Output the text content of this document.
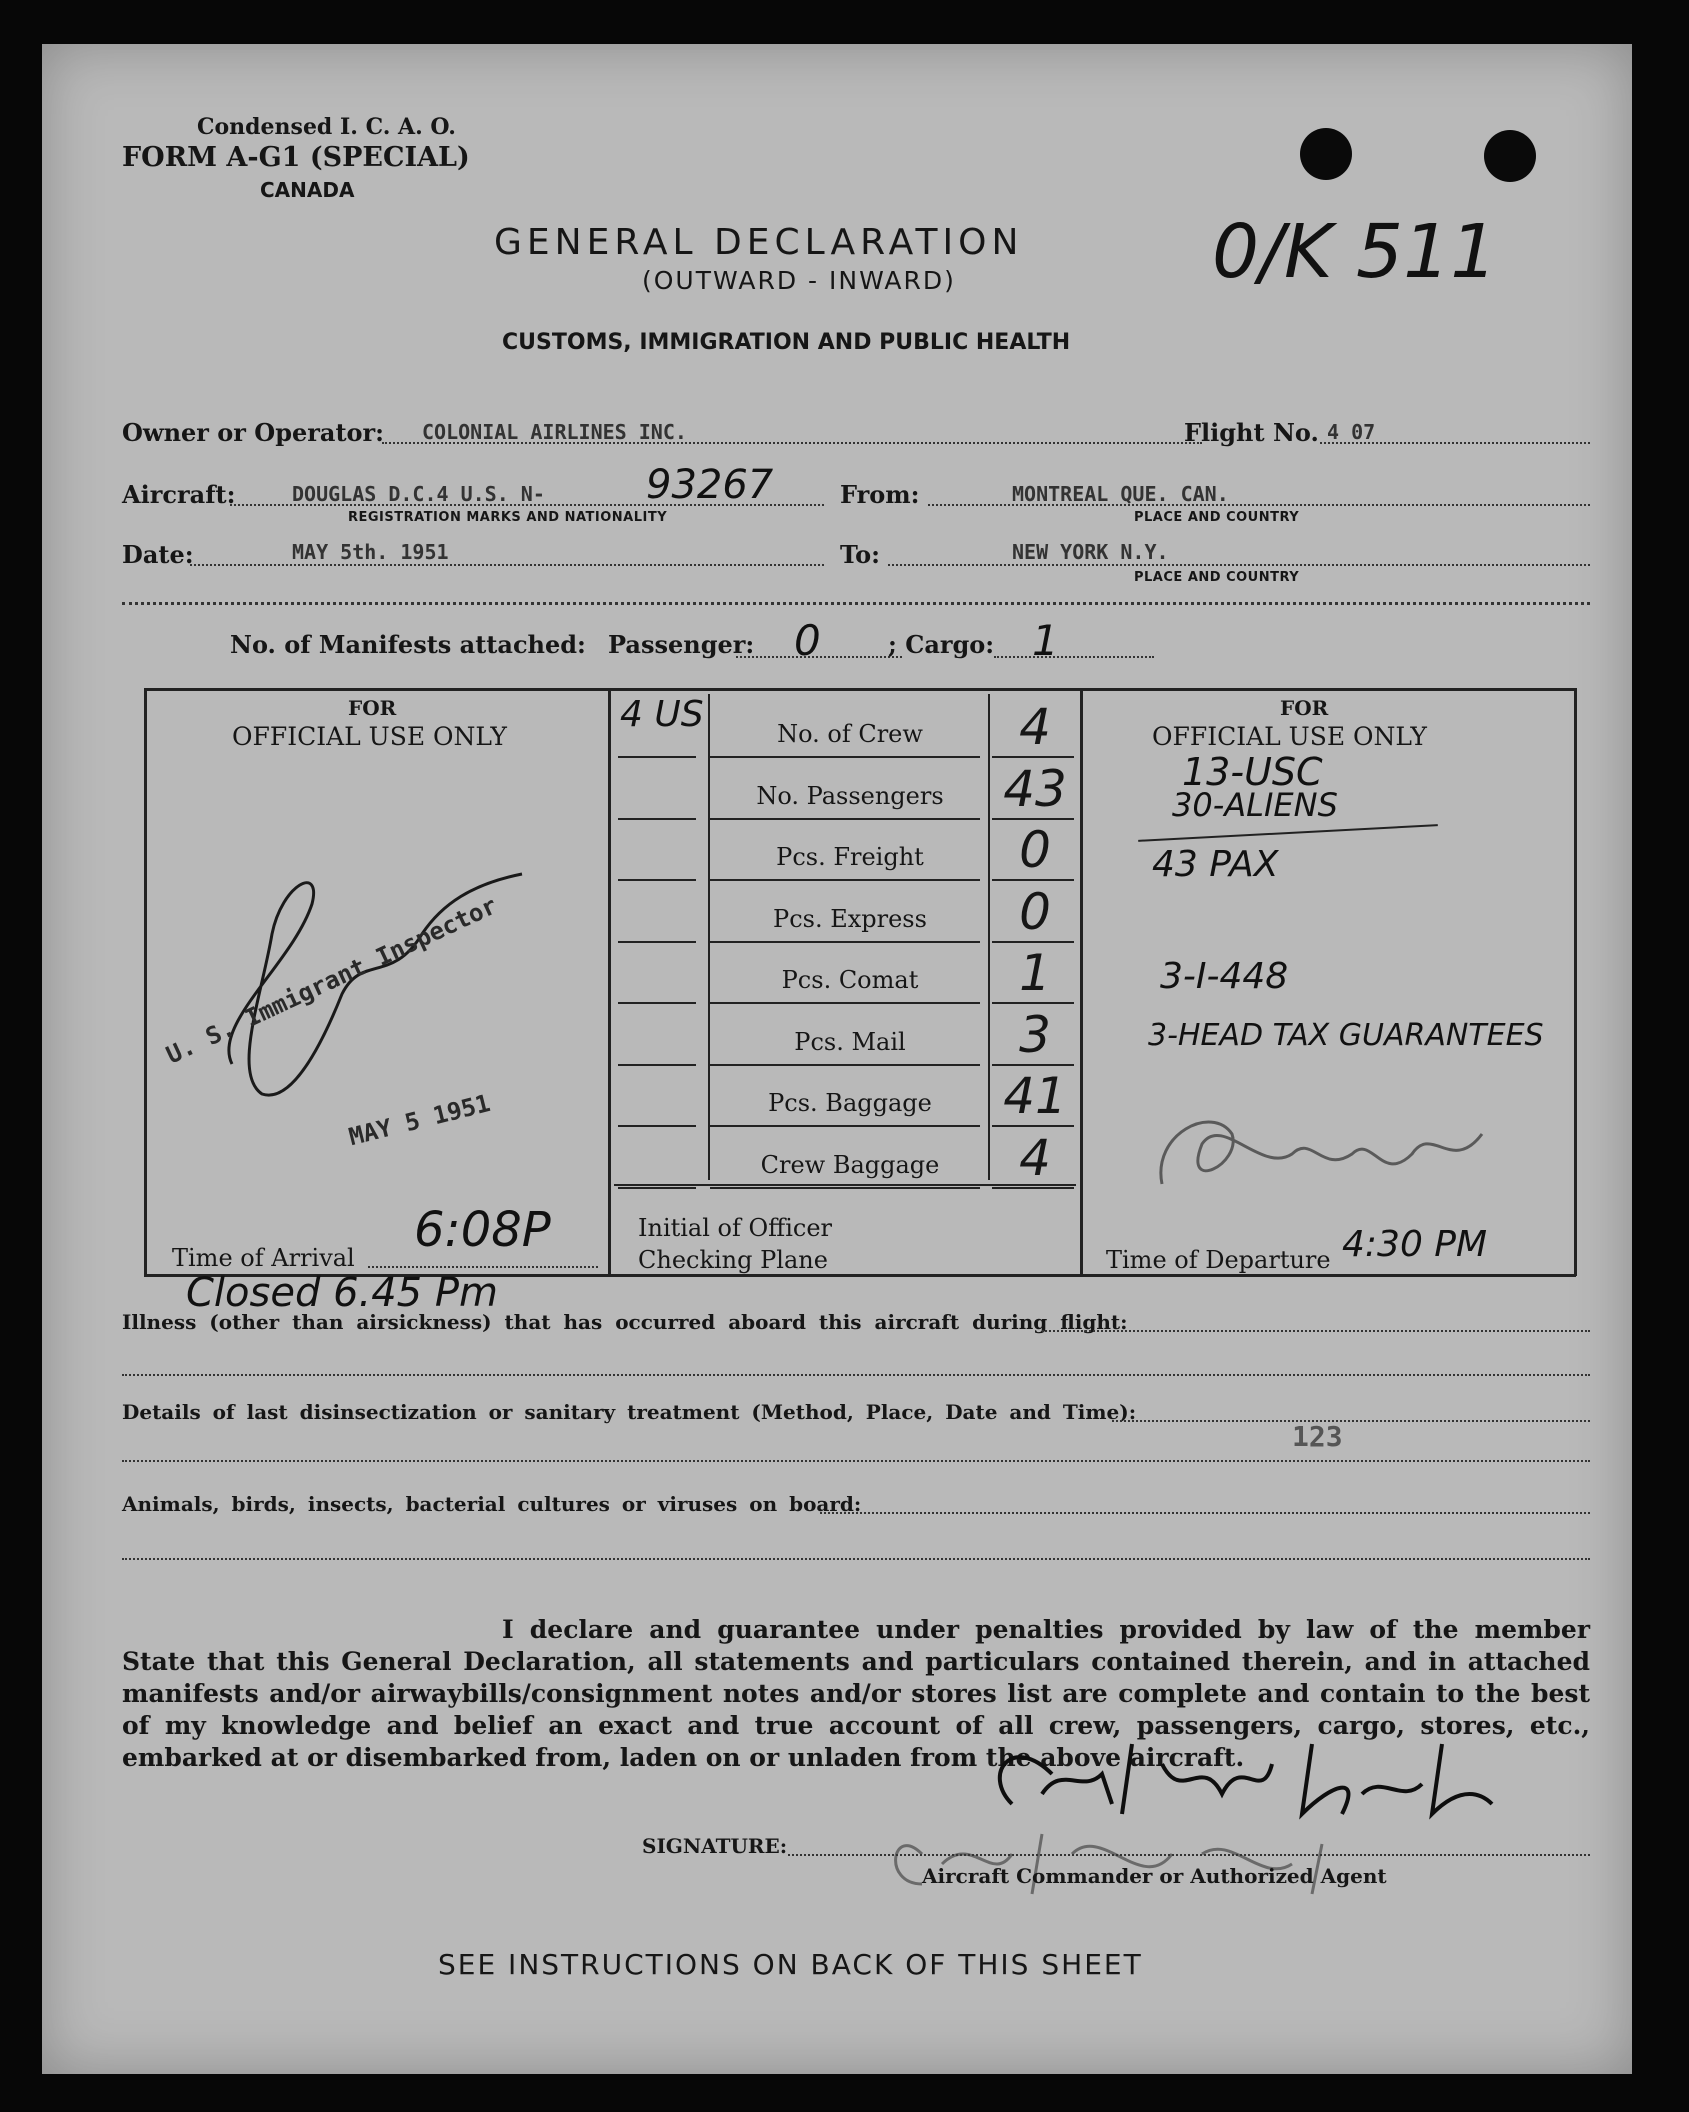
Condensed I. C. A. O.
FORM A-G1 (SPECIAL)
CANADA
GENERAL DECLARATION
(OUTWARD - INWARD)
CUSTOMS, IMMIGRATION AND PUBLIC HEALTH
0/K 511
Owner or Operator: COLONIAL AIRLINES INC.	Flight No. 4 07
Aircraft:	DOUGLAS D.C.4 U.S. N-	93267
REGISTRATION MARKS AND NATIONALITY
From:	MONTREAL QUE. CAN.
PLACE AND COUNTRY
Date:	MAY 5th. 1951	To:	NEW YORK N.Y.
PLACE AND COUNTRY
No. of Manifests attached: Passenger: 0	; Cargo: 1
FOR
OFFICIAL USE ONLY
FOR
OFFICIAL USE ONLY
4 US	No. of Crew	4
No. Passengers	43
Pcs. Freight	0
Pcs. Express	0
Pcs. Comat	1
Pcs. Mail	3
Pcs. Baggage	41
Crew Baggage	4
13-USC
30-ALIENS
43 PAX
3-I-448
3-HEAD TAX GUARANTEES
U. S. Immigrant Inspector
MAY 5 1951
Time of Arrival 6:08P	Initial of Officer
Checking Plane	Time of Departure 4:30 PM
Closed 6.45 Pm
Illness (other than airsickness) that has occurred aboard this aircraft during flight:
Details of last disinsectization or sanitary treatment (Method, Place, Date and Time):
123
Animals, birds, insects, bacterial cultures or viruses on board:
I declare and guarantee under penalties provided by law of the member State that this General Declaration, all statements and particulars contained therein, and in attached manifests and/or airwaybills/consignment notes and/or stores list are complete and contain to the best of my knowledge and belief an exact and true account of all crew, passengers, cargo, stores, etc., embarked at or disembarked from, laden on or unladen from the above aircraft.
SIGNATURE:
Aircraft Commander or Authorized Agent
SEE INSTRUCTIONS ON BACK OF THIS SHEET
